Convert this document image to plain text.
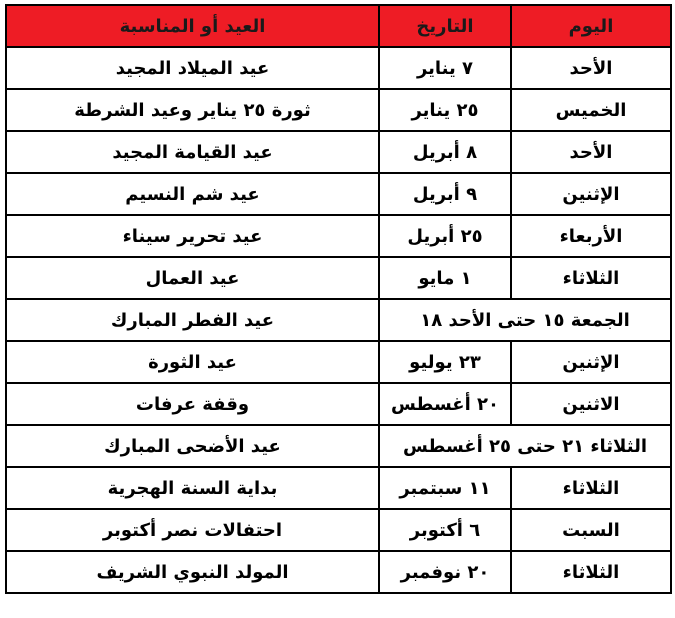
اليوم	التاريخ	العيد أو المناسبة
الأحد	٧ يناير	عيد الميلاد المجيد
الخميس	٢٥ يناير	ثورة ٢٥ يناير وعيد الشرطة
الأحد	٨ أبريل	عيد القيامة المجيد
الإثنين	٩ أبريل	عيد شم النسيم
الأربعاء	٢٥ أبريل	عيد تحرير سيناء
الثلاثاء	١ مايو	عيد العمال
الجمعة ١٥ حتى الأحد ١٨		عيد الفطر المبارك
الإثنين	٢٣ يوليو	عيد الثورة
الاثنين	٢٠ أغسطس	وقفة عرفات
الثلاثاء ٢١ حتى ٢٥ أغسطس		عيد الأضحى المبارك
الثلاثاء	١١ سبتمبر	بداية السنة الهجرية
السبت	٦ أكتوبر	احتفالات نصر أكتوبر
الثلاثاء	٢٠ نوفمبر	المولد النبوي الشريف
